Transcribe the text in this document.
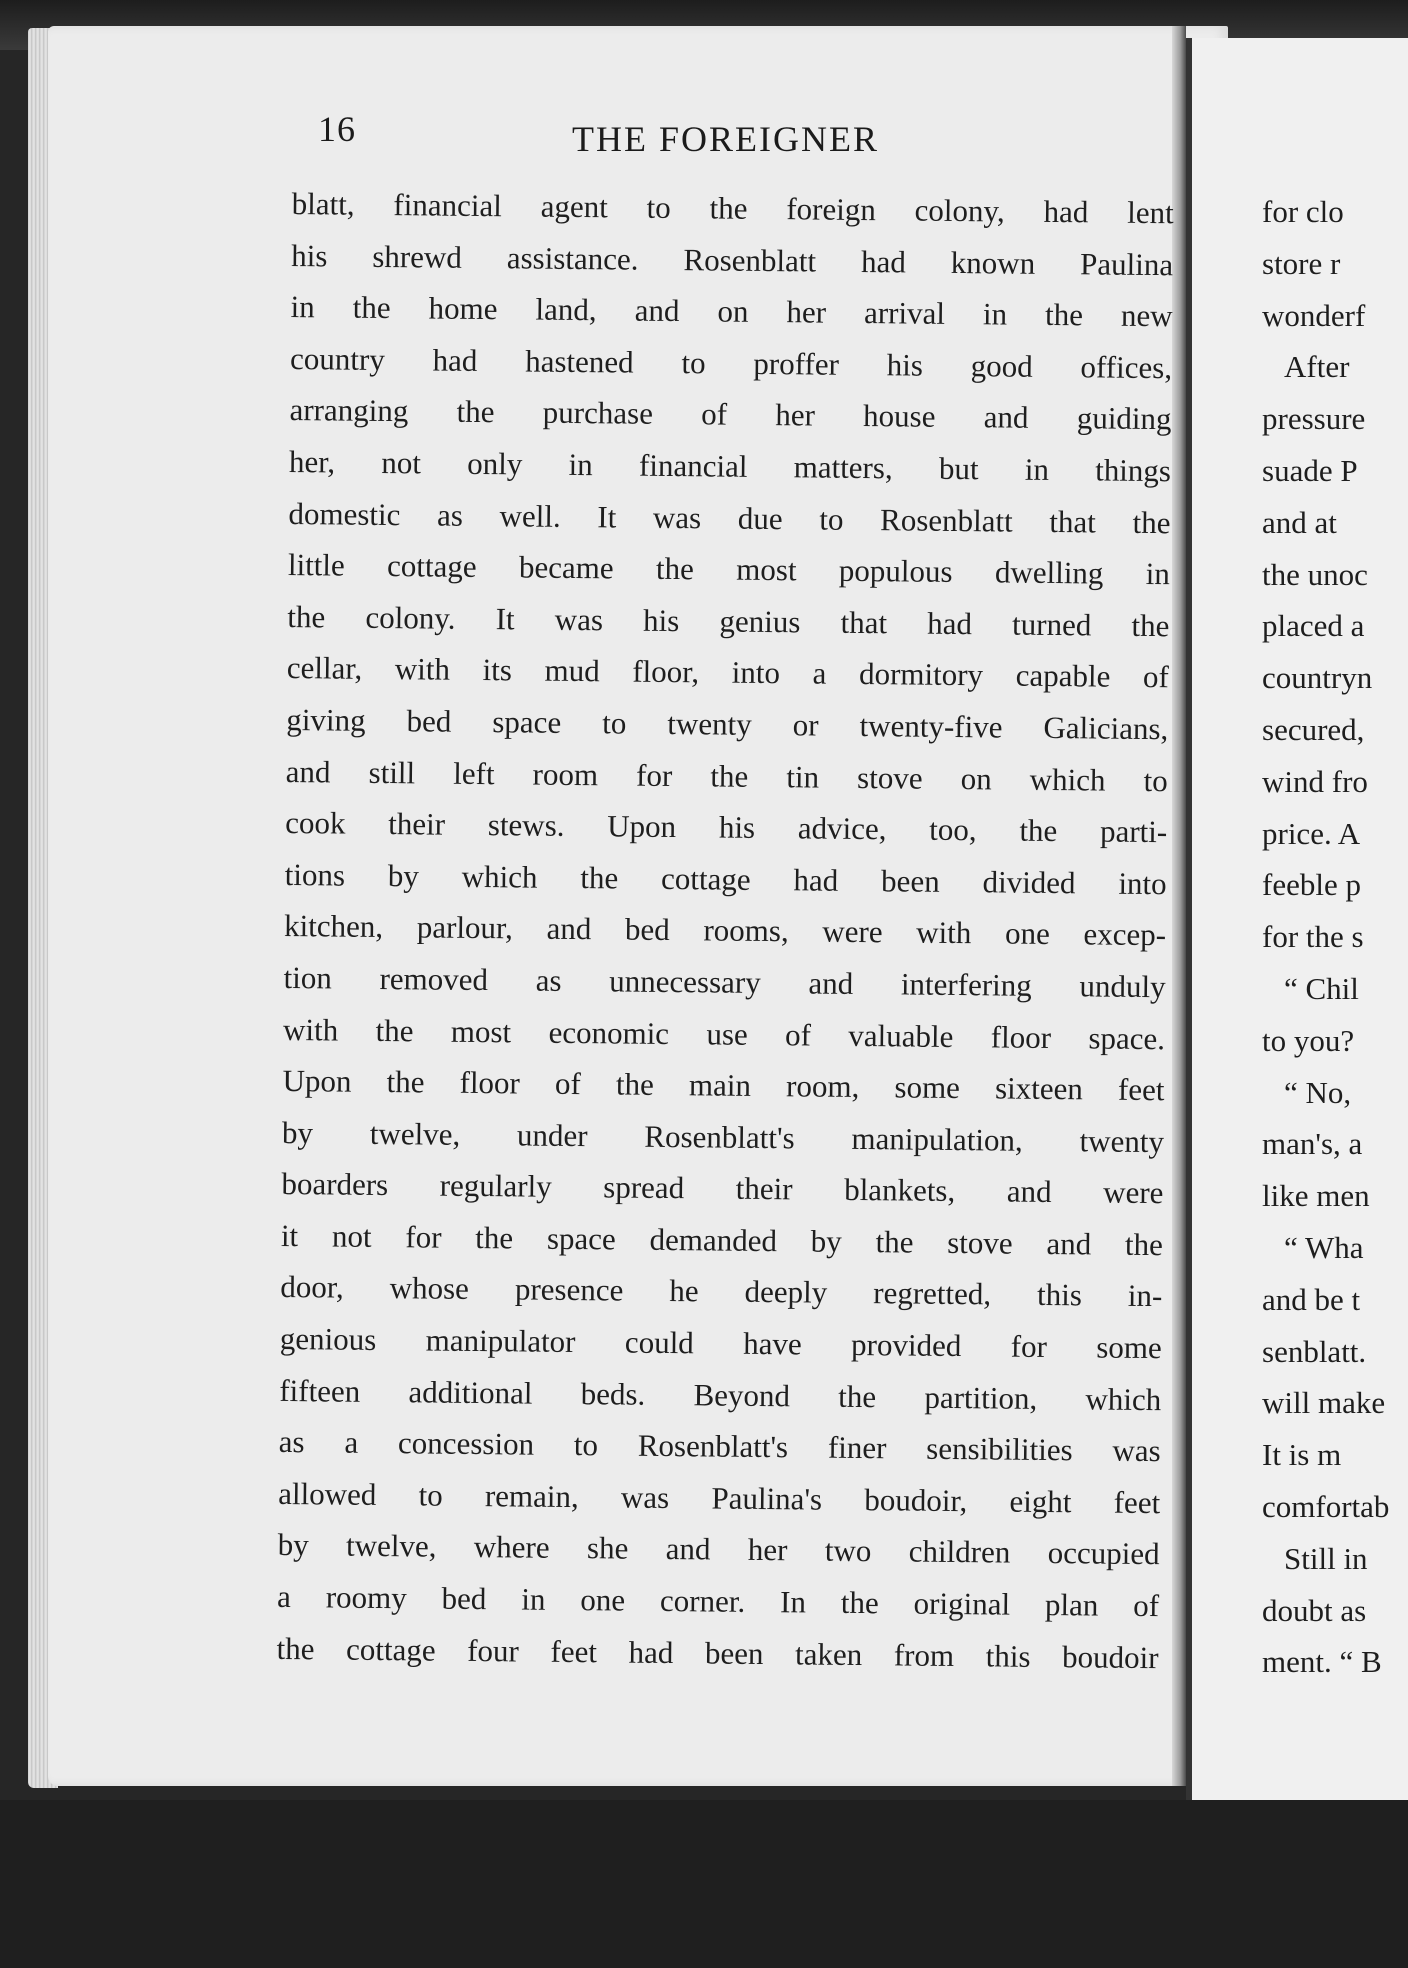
16	THE FOREIGNER
blatt, financial agent to the foreign colony, had lent
his shrewd assistance. Rosenblatt had known Paulina
in the home land, and on her arrival in the new
country had hastened to proffer his good offices,
arranging the purchase of her house and guiding
her, not only in financial matters, but in things
domestic as well. It was due to Rosenblatt that the
little cottage became the most populous dwelling in
the colony. It was his genius that had turned the
cellar, with its mud floor, into a dormitory capable of
giving bed space to twenty or twenty-five Galicians,
and still left room for the tin stove on which to
cook their stews. Upon his advice, too, the parti-
tions by which the cottage had been divided into
kitchen, parlour, and bed rooms, were with one excep-
tion removed as unnecessary and interfering unduly
with the most economic use of valuable floor space.
Upon the floor of the main room, some sixteen feet
by twelve, under Rosenblatt's manipulation, twenty
boarders regularly spread their blankets, and were
it not for the space demanded by the stove and the
door, whose presence he deeply regretted, this in-
genious manipulator could have provided for some
fifteen additional beds. Beyond the partition, which
as a concession to Rosenblatt's finer sensibilities was
allowed to remain, was Paulina's boudoir, eight feet
by twelve, where she and her two children occupied
a roomy bed in one corner. In the original plan of
the cottage four feet had been taken from this boudoir
for clo
store r
wonderf
After
pressure
suade P
and at
the unoc
placed a
countryn
secured,
wind fro
price. A
feeble p
for the s
“ Chil
to you?
“ No,
man's, a
like men
“ Wha
and be t
senblatt.
will make
It is m
comfortab
Still in
doubt as
ment. “ B
